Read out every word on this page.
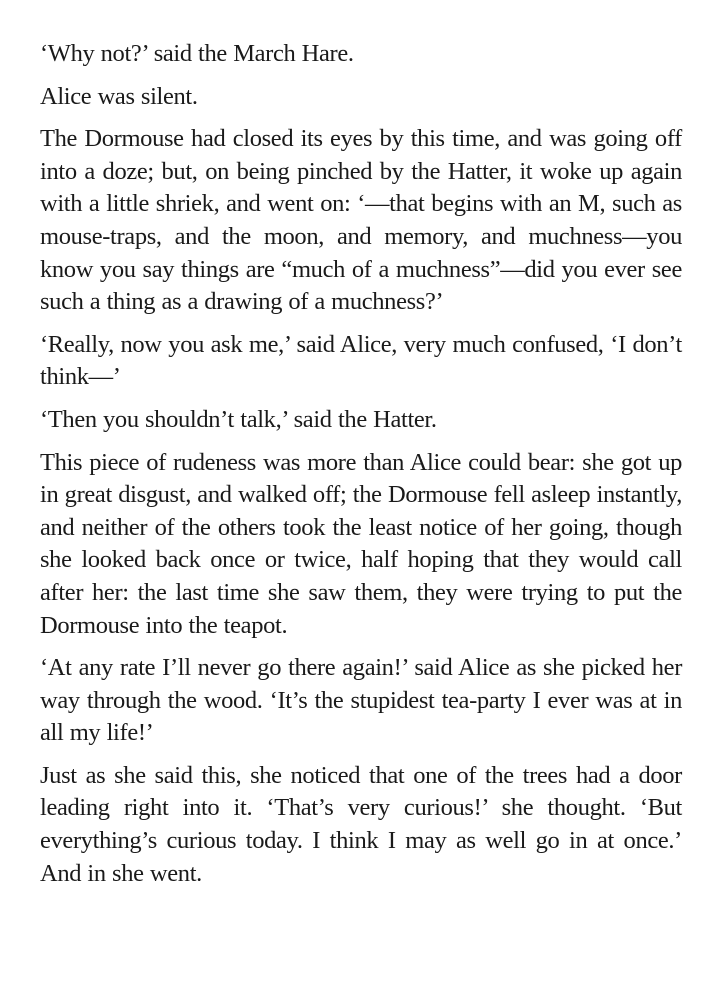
‘Why not?’ said the March Hare.

Alice was silent.

The Dormouse had closed its eyes by this time, and was going off into a doze; but, on being pinched by the Hatter, it woke up again with a little shriek, and went on: ‘—that begins with an M, such as mouse-traps, and the moon, and memory, and muchness—you know you say things are “much of a muchness”—did you ever see such a thing as a drawing of a muchness?’

‘Really, now you ask me,’ said Alice, very much confused, ‘I don’t think—’

‘Then you shouldn’t talk,’ said the Hatter.

This piece of rudeness was more than Alice could bear: she got up in great disgust, and walked off; the Dormouse fell asleep instantly, and neither of the others took the least notice of her going, though she looked back once or twice, half hoping that they would call after her: the last time she saw them, they were trying to put the Dormouse into the teapot.

‘At any rate I’ll never go there again!’ said Alice as she picked her way through the wood. ‘It’s the stupidest tea-party I ever was at in all my life!’

Just as she said this, she noticed that one of the trees had a door leading right into it. ‘That’s very curious!’ she thought. ‘But everything’s curious today. I think I may as well go in at once.’ And in she went.
